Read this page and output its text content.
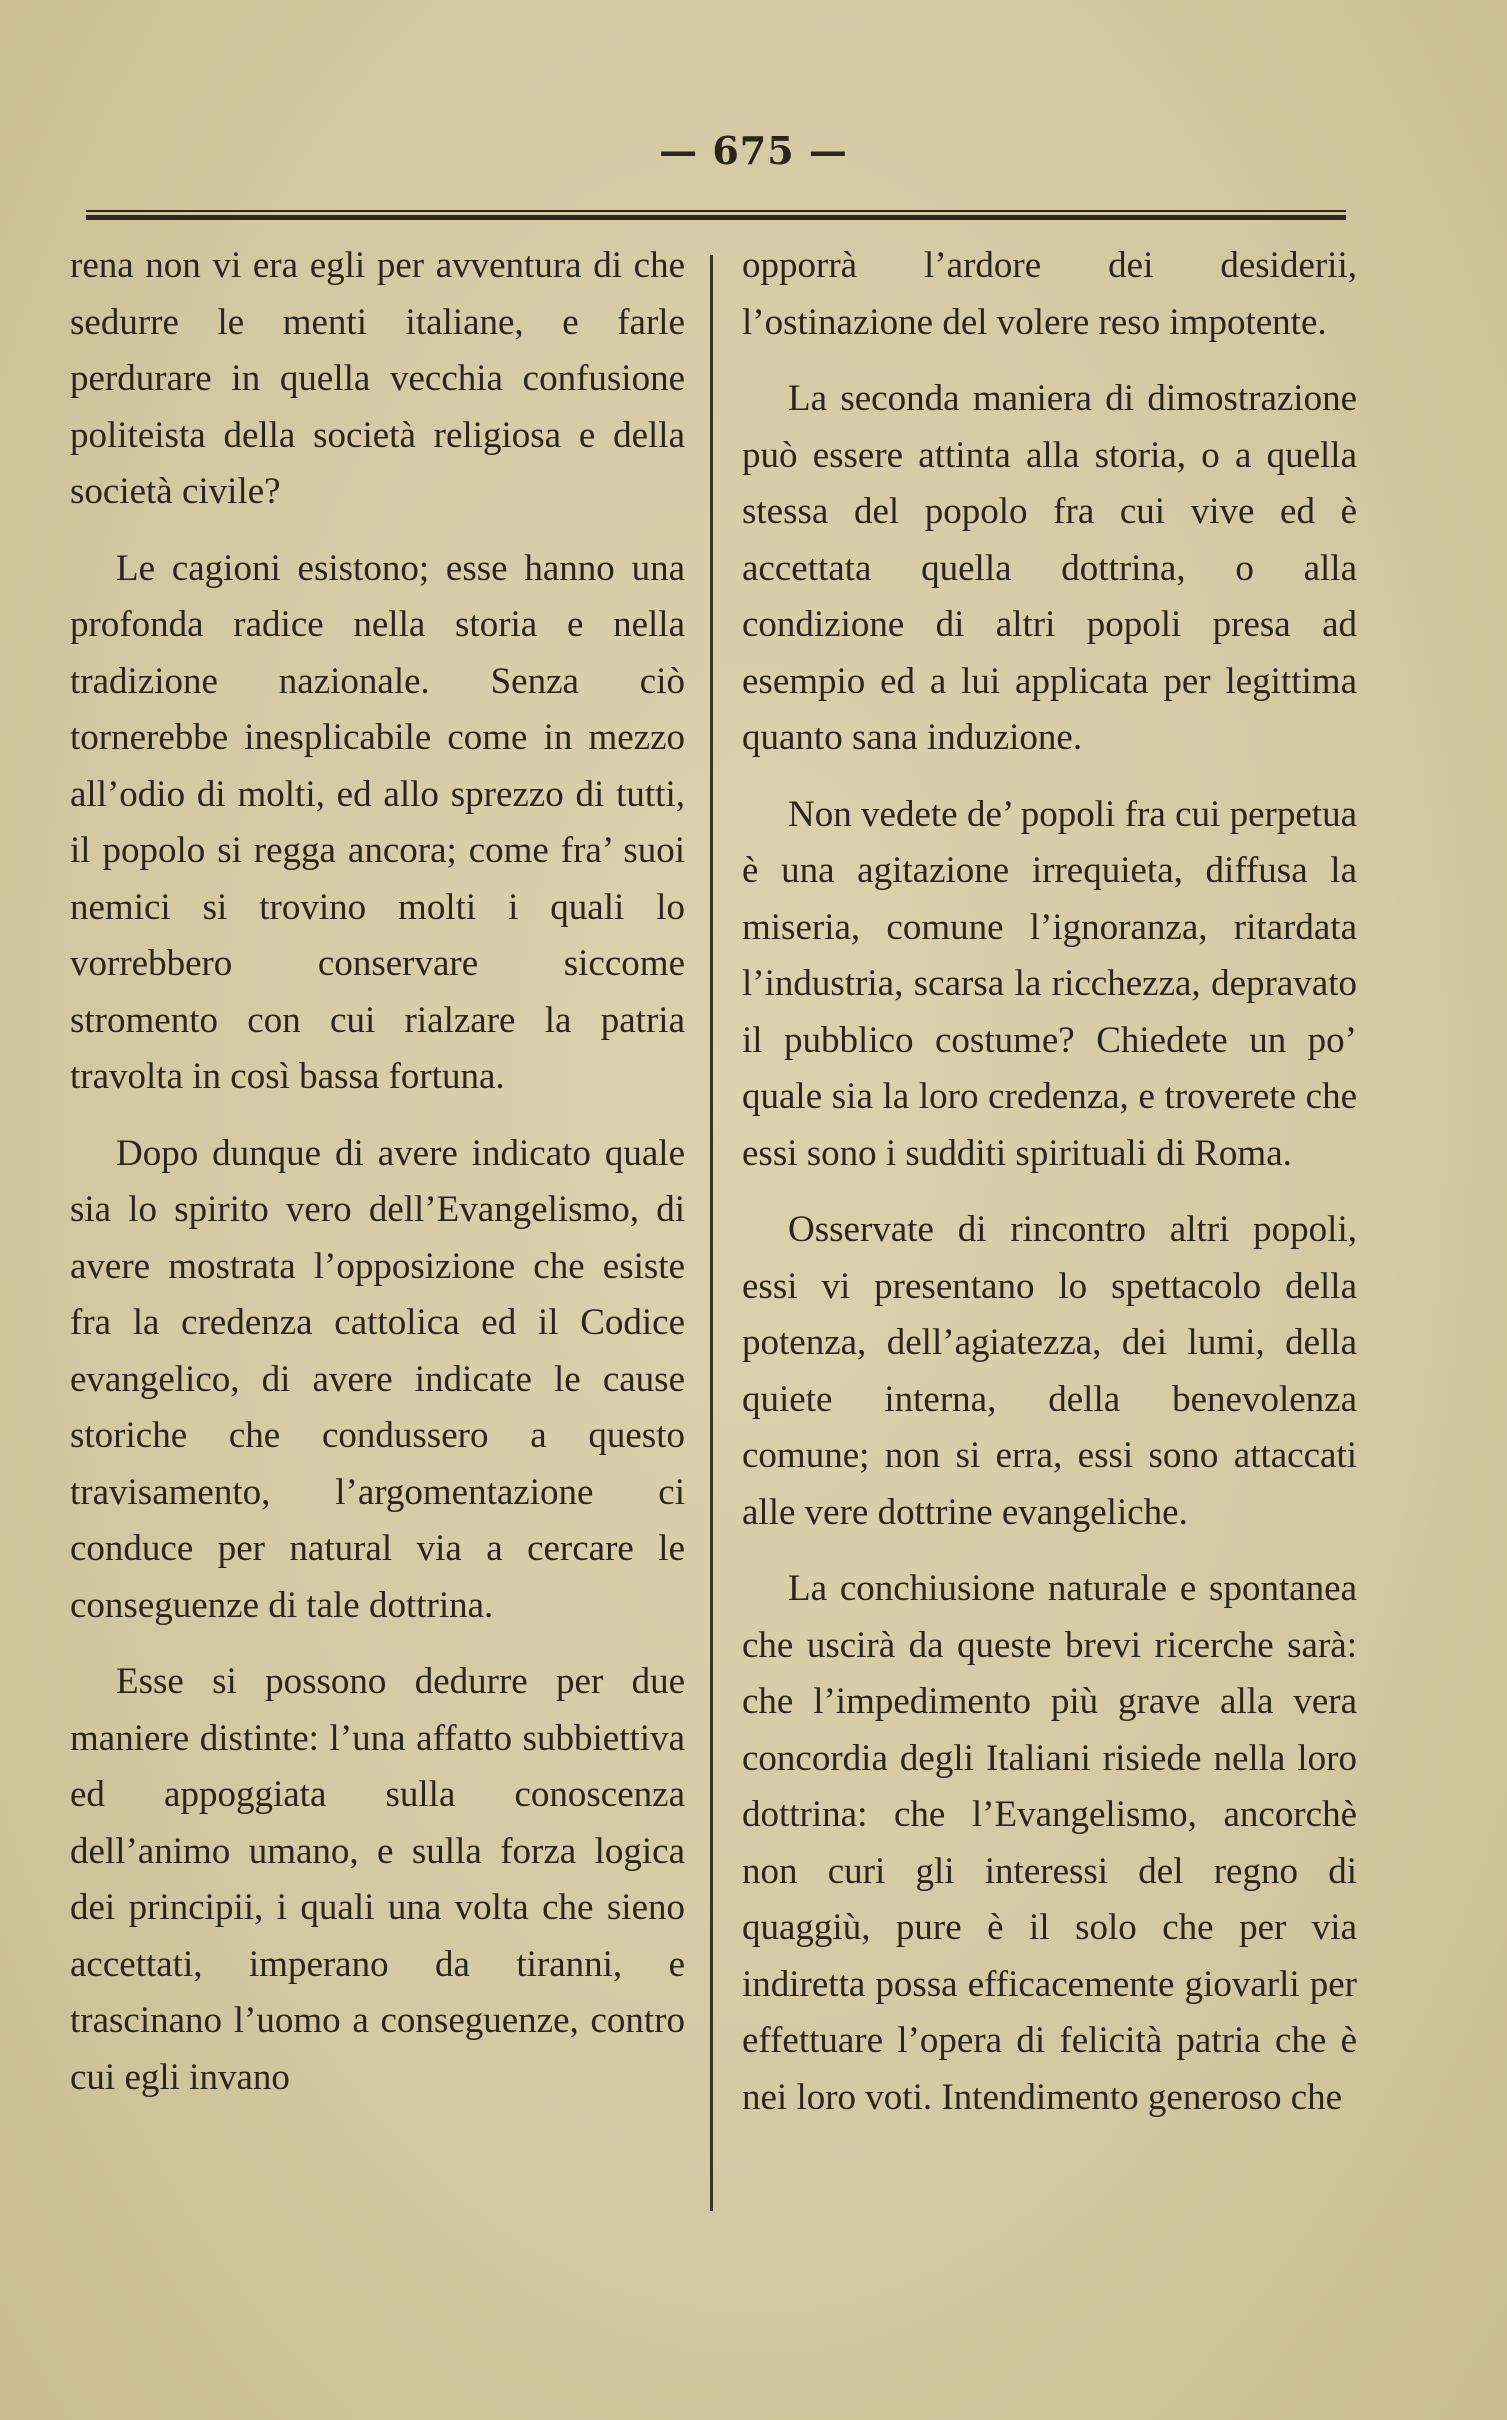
— 675 —

rena non vi era egli per avventura di che sedurre le menti italiane, e farle perdurare in quella vecchia confusione politeista della società religiosa e della società civile?

Le cagioni esistono; esse hanno una profonda radice nella storia e nella tradizione nazionale. Senza ciò tornerebbe inesplicabile come in mezzo all’odio di molti, ed allo sprezzo di tutti, il popolo si regga ancora; come fra’ suoi nemici si trovino molti i quali lo vorrebbero conservare siccome stromento con cui rialzare la patria travolta in così bassa fortuna.

Dopo dunque di avere indicato quale sia lo spirito vero dell’Evangelismo, di avere mostrata l’opposizione che esiste fra la credenza cattolica ed il Codice evangelico, di avere indicate le cause storiche che condussero a questo travisamento, l’argomentazione ci conduce per natural via a cercare le conseguenze di tale dottrina.

Esse si possono dedurre per due maniere distinte: l’una affatto subbiettiva ed appoggiata sulla conoscenza dell’animo umano, e sulla forza logica dei principii, i quali una volta che sieno accettati, imperano da tiranni, e trascinano l’uomo a conseguenze, contro cui egli invano

opporrà l’ardore dei desiderii, l’ostinazione del volere reso impotente.

La seconda maniera di dimostrazione può essere attinta alla storia, o a quella stessa del popolo fra cui vive ed è accettata quella dottrina, o alla condizione di altri popoli presa ad esempio ed a lui applicata per legittima quanto sana induzione.

Non vedete de’ popoli fra cui perpetua è una agitazione irrequieta, diffusa la miseria, comune l’ignoranza, ritardata l’industria, scarsa la ricchezza, depravato il pubblico costume? Chiedete un po’ quale sia la loro credenza, e troverete che essi sono i sudditi spirituali di Roma.

Osservate di rincontro altri popoli, essi vi presentano lo spettacolo della potenza, dell’agiatezza, dei lumi, della quiete interna, della benevolenza comune; non si erra, essi sono attaccati alle vere dottrine evangeliche.

La conchiusione naturale e spontanea che uscirà da queste brevi ricerche sarà: che l’impedimento più grave alla vera concordia degli Italiani risiede nella loro dottrina: che l’Evangelismo, ancorchè non curi gli interessi del regno di quaggiù, pure è il solo che per via indiretta possa efficacemente giovarli per effettuare l’opera di felicità patria che è nei loro voti. Intendimento generoso che
